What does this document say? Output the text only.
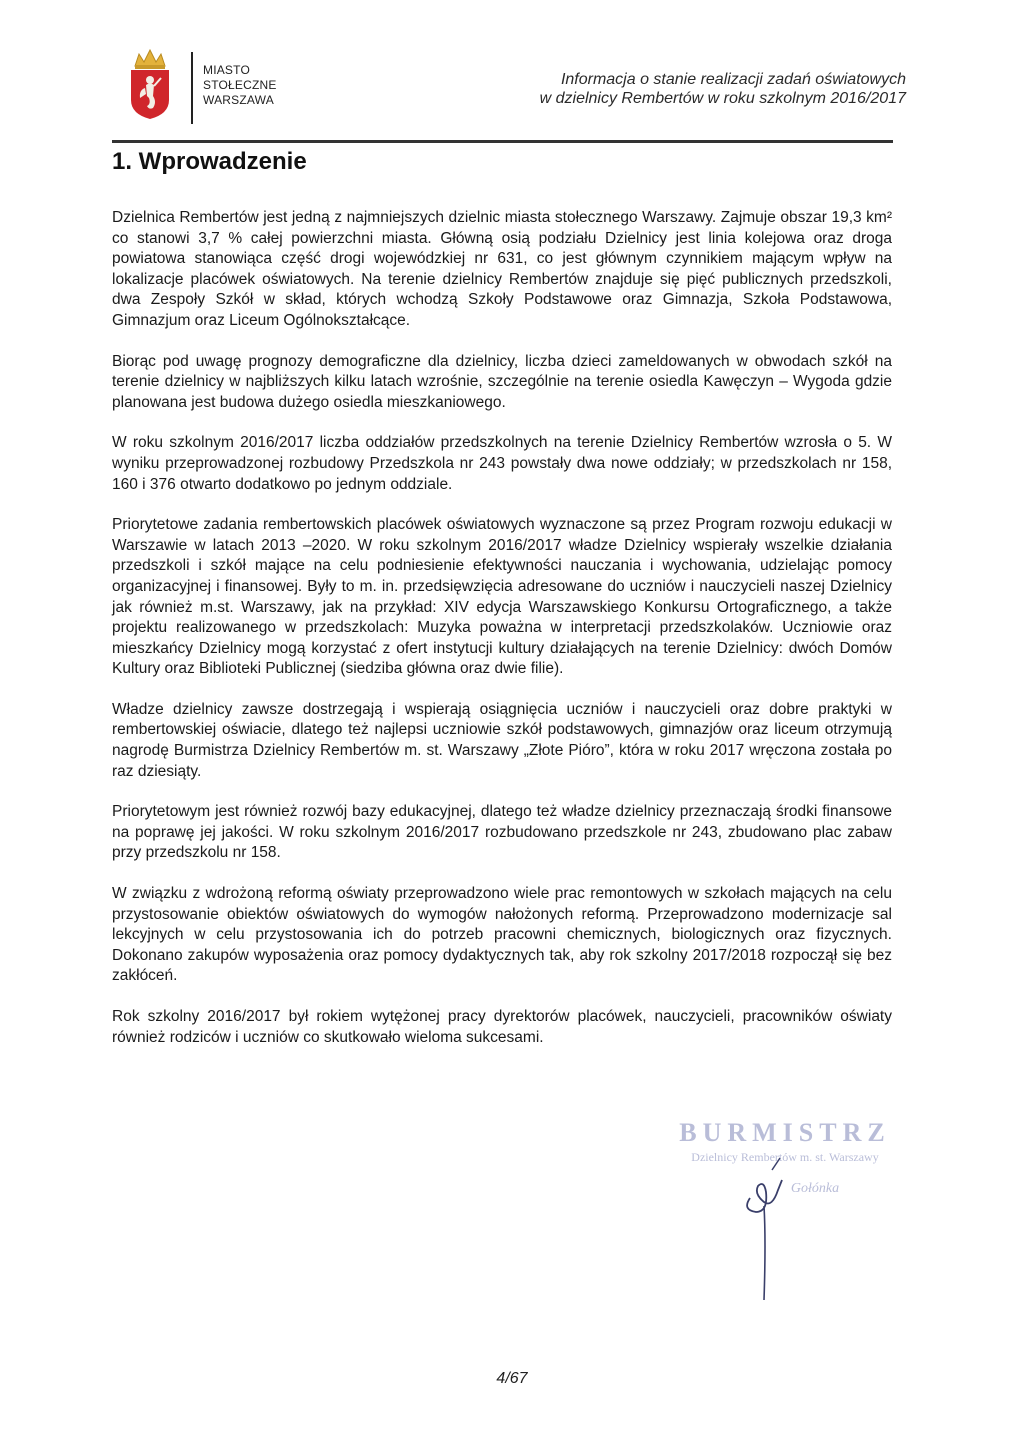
MIASTO
STOŁECZNE
WARSZAWA
Informacja o stanie realizacji zadań oświatowych
w dzielnicy Rembertów w roku szkolnym 2016/2017
1. Wprowadzenie

Dzielnica Rembertów jest jedną z najmniejszych dzielnic miasta stołecznego Warszawy. Zajmuje obszar 19,3 km² co stanowi 3,7 % całej powierzchni miasta. Główną osią podziału Dzielnicy jest linia kolejowa oraz droga powiatowa stanowiąca część drogi wojewódzkiej nr 631, co jest głównym czynnikiem mającym wpływ na lokalizacje placówek oświatowych. Na terenie dzielnicy Rembertów znajduje się pięć publicznych przedszkoli, dwa Zespoły Szkół w skład, których wchodzą Szkoły Podstawowe oraz Gimnazja, Szkoła Podstawowa, Gimnazjum oraz Liceum Ogólnokształcące.

Biorąc pod uwagę prognozy demograficzne dla dzielnicy, liczba dzieci zameldowanych w obwodach szkół na terenie dzielnicy w najbliższych kilku latach wzrośnie, szczególnie na terenie osiedla Kawęczyn – Wygoda gdzie planowana jest budowa dużego osiedla mieszkaniowego.

W roku szkolnym 2016/2017 liczba oddziałów przedszkolnych na terenie Dzielnicy Rembertów wzrosła o 5. W wyniku przeprowadzonej rozbudowy Przedszkola nr 243 powstały dwa nowe oddziały; w przedszkolach nr 158, 160 i 376 otwarto dodatkowo po jednym oddziale.

Priorytetowe zadania rembertowskich placówek oświatowych wyznaczone są przez Program rozwoju edukacji w Warszawie w latach 2013 –2020. W roku szkolnym 2016/2017 władze Dzielnicy wspierały wszelkie działania przedszkoli i szkół mające na celu podniesienie efektywności nauczania i wychowania, udzielając pomocy organizacyjnej i finansowej. Były to m. in. przedsięwzięcia adresowane do uczniów i nauczycieli naszej Dzielnicy jak również m.st. Warszawy, jak na przykład: XIV edycja Warszawskiego Konkursu Ortograficznego, a także projektu realizowanego w przedszkolach: Muzyka poważna w interpretacji przedszkolaków. Uczniowie oraz mieszkańcy Dzielnicy mogą korzystać z ofert instytucji kultury działających na terenie Dzielnicy: dwóch Domów Kultury oraz Biblioteki Publicznej (siedziba główna oraz dwie filie).

Władze dzielnicy zawsze dostrzegają i wspierają osiągnięcia uczniów i nauczycieli oraz dobre praktyki w rembertowskiej oświacie, dlatego też najlepsi uczniowie szkół podstawowych, gimnazjów oraz liceum otrzymują nagrodę Burmistrza Dzielnicy Rembertów m. st. Warszawy „Złote Pióro”, która w roku 2017 wręczona została po raz dziesiąty.

Priorytetowym jest również rozwój bazy edukacyjnej, dlatego też władze dzielnicy przeznaczają środki finansowe na poprawę jej jakości. W roku szkolnym 2016/2017 rozbudowano przedszkole nr 243, zbudowano plac zabaw przy przedszkolu nr 158.

W związku z wdrożoną reformą oświaty przeprowadzono wiele prac remontowych w szkołach mających na celu przystosowanie obiektów oświatowych do wymogów nałożonych reformą. Przeprowadzono modernizacje sal lekcyjnych w celu przystosowania ich do potrzeb pracowni chemicznych, biologicznych oraz fizycznych. Dokonano zakupów wyposażenia oraz pomocy dydaktycznych tak, aby rok szkolny 2017/2018 rozpoczął się bez zakłóceń.

Rok szkolny 2016/2017 był rokiem wytężonej pracy dyrektorów placówek, nauczycieli, pracowników oświaty również rodziców i uczniów co skutkowało wieloma sukcesami.

BURMISTRZ
Dzielnicy Rembertów m. st. Warszawy
Gołónka
4/67
